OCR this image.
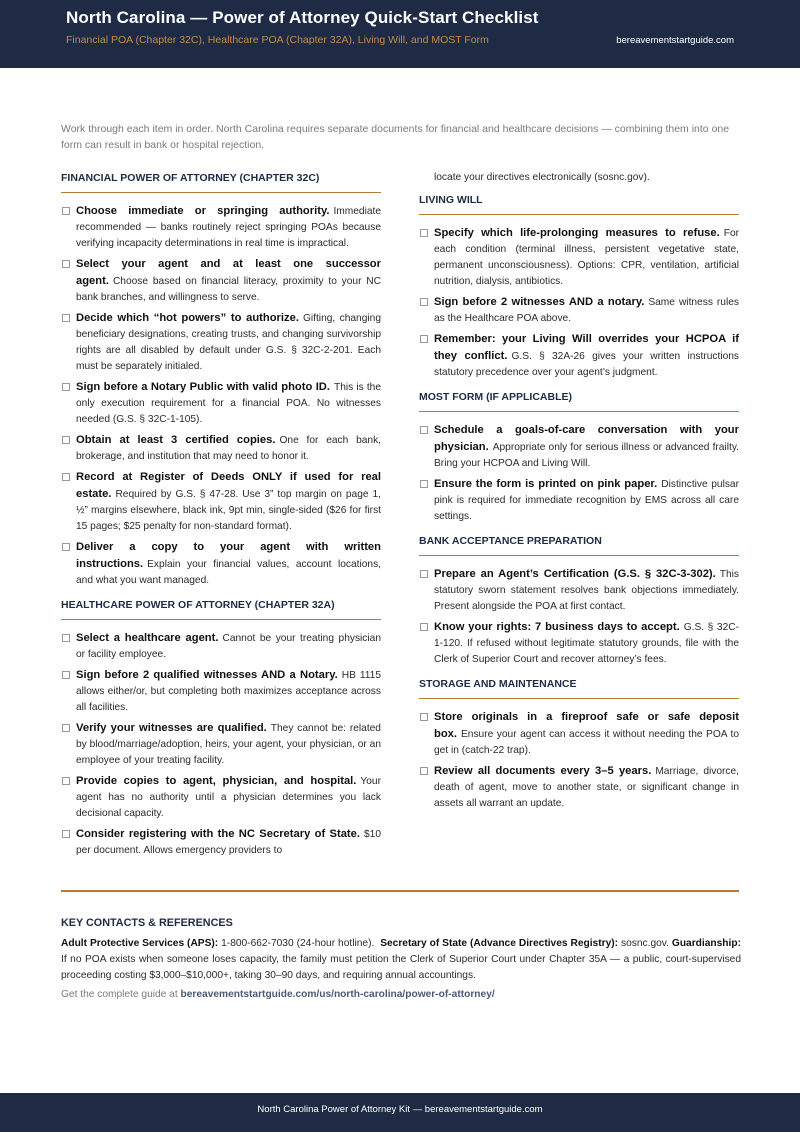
North Carolina — Power of Attorney Quick-Start Checklist
Financial POA (Chapter 32C), Healthcare POA (Chapter 32A), Living Will, and MOST Form	bereavementstartguide.com
Work through each item in order. North Carolina requires separate documents for financial and healthcare decisions — combining them into one form can result in bank or hospital rejection.
FINANCIAL POWER OF ATTORNEY (CHAPTER 32C)
Choose immediate or springing authority. Immediate recommended — banks routinely reject springing POAs because verifying incapacity determinations in real time is impractical.
Select your agent and at least one successor agent. Choose based on financial literacy, proximity to your NC bank branches, and willingness to serve.
Decide which “hot powers” to authorize. Gifting, changing beneficiary designations, creating trusts, and changing survivorship rights are all disabled by default under G.S. § 32C-2-201. Each must be separately initialed.
Sign before a Notary Public with valid photo ID. This is the only execution requirement for a financial POA. No witnesses needed (G.S. § 32C-1-105).
Obtain at least 3 certified copies. One for each bank, brokerage, and institution that may need to honor it.
Record at Register of Deeds ONLY if used for real estate. Required by G.S. § 47-28. Use 3” top margin on page 1, ½” margins elsewhere, black ink, 9pt min, single-sided ($26 for first 15 pages; $25 penalty for non-standard format).
Deliver a copy to your agent with written instructions. Explain your financial values, account locations, and what you want managed.
HEALTHCARE POWER OF ATTORNEY (CHAPTER 32A)
Select a healthcare agent. Cannot be your treating physician or facility employee.
Sign before 2 qualified witnesses AND a Notary. HB 1115 allows either/or, but completing both maximizes acceptance across all facilities.
Verify your witnesses are qualified. They cannot be: related by blood/marriage/adoption, heirs, your agent, your physician, or an employee of your treating facility.
Provide copies to agent, physician, and hospital. Your agent has no authority until a physician determines you lack decisional capacity.
Consider registering with the NC Secretary of State. $10 per document. Allows emergency providers to
locate your directives electronically (sosnc.gov).
LIVING WILL
Specify which life-prolonging measures to refuse. For each condition (terminal illness, persistent vegetative state, permanent unconsciousness). Options: CPR, ventilation, artificial nutrition, dialysis, antibiotics.
Sign before 2 witnesses AND a notary. Same witness rules as the Healthcare POA above.
Remember: your Living Will overrides your HCPOA if they conflict. G.S. § 32A-26 gives your written instructions statutory precedence over your agent’s judgment.
MOST FORM (IF APPLICABLE)
Schedule a goals-of-care conversation with your physician. Appropriate only for serious illness or advanced frailty. Bring your HCPOA and Living Will.
Ensure the form is printed on pink paper. Distinctive pulsar pink is required for immediate recognition by EMS across all care settings.
BANK ACCEPTANCE PREPARATION
Prepare an Agent’s Certification (G.S. § 32C-3-302). This statutory sworn statement resolves bank objections immediately. Present alongside the POA at first contact.
Know your rights: 7 business days to accept. G.S. § 32C-1-120. If refused without legitimate statutory grounds, file with the Clerk of Superior Court and recover attorney’s fees.
STORAGE AND MAINTENANCE
Store originals in a fireproof safe or safe deposit box. Ensure your agent can access it without needing the POA to get in (catch-22 trap).
Review all documents every 3–5 years. Marriage, divorce, death of agent, move to another state, or significant change in assets all warrant an update.
KEY CONTACTS & REFERENCES
Adult Protective Services (APS): 1-800-662-7030 (24-hour hotline). Secretary of State (Advance Directives Registry): sosnc.gov. Guardianship: If no POA exists when someone loses capacity, the family must petition the Clerk of Superior Court under Chapter 35A — a public, court-supervised proceeding costing $3,000–$10,000+, taking 30–90 days, and requiring annual accountings.
Get the complete guide at bereavementstartguide.com/us/north-carolina/power-of-attorney/
North Carolina Power of Attorney Kit — bereavementstartguide.com
